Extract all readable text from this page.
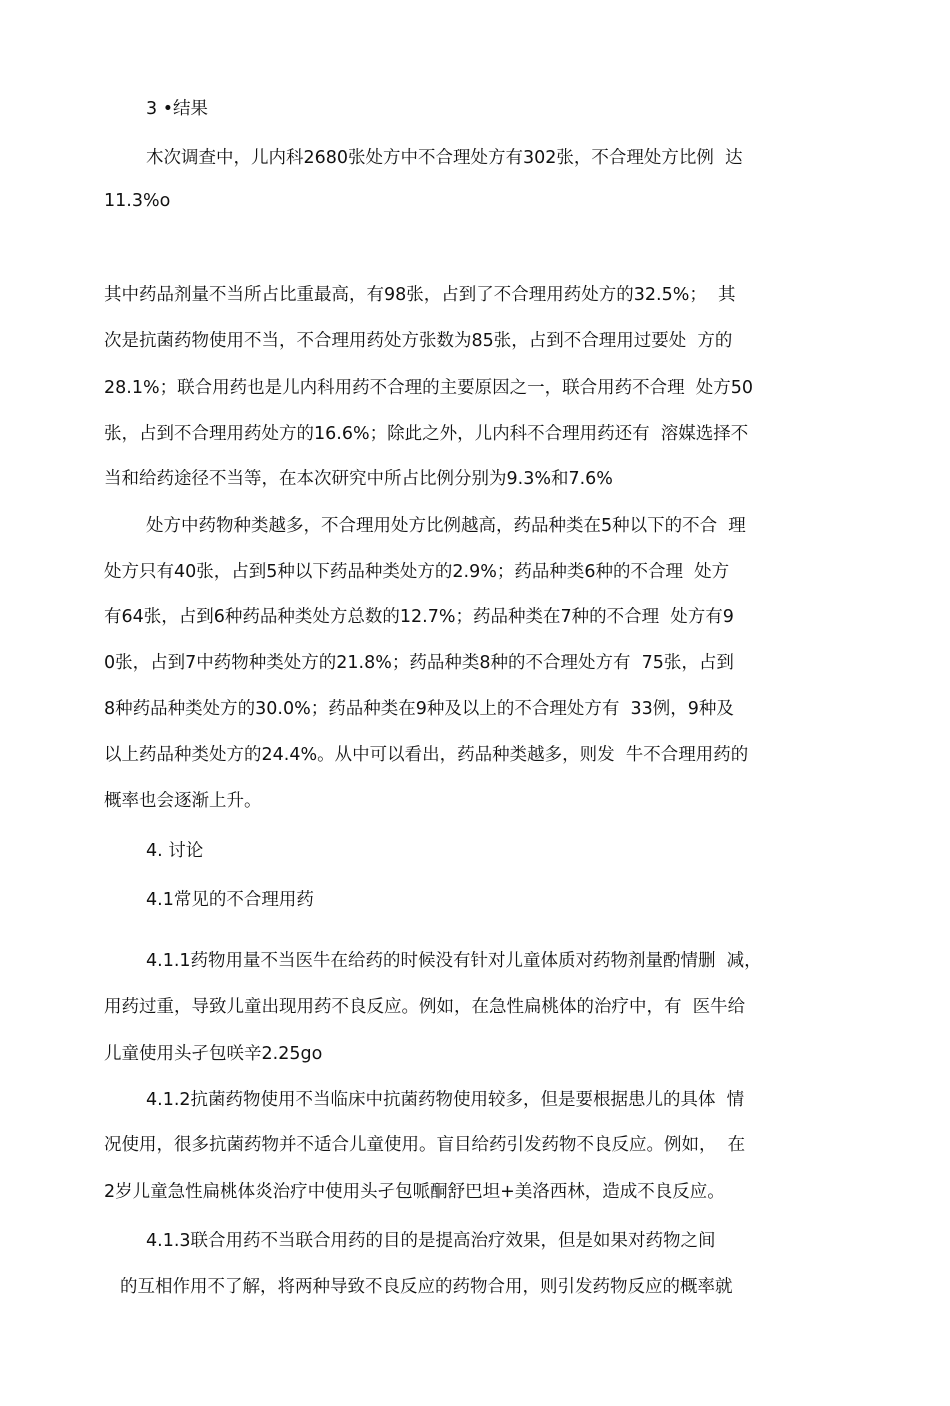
3 •结果

木次调查中，儿内科2680张处方中不合理处方有302张，不合理处方比例  达

11.3%o

其中药品剂量不当所占比重最高，有98张，占到了不合理用药处方的32.5%；  其

次是抗菌药物使用不当，不合理用药处方张数为85张，占到不合理用过要处  方的

28.1%；联合用药也是儿内科用药不合理的主要原因之一，联合用药不合理  处方50

张，占到不合理用药处方的16.6%；除此之外，儿内科不合理用药还有  溶媒选择不

当和给药途径不当等，在本次研究中所占比例分别为9.3%和7.6%

处方中药物种类越多，不合理用处方比例越高，药品种类在5种以下的不合  理

处方只有40张，占到5种以下药品种类处方的2.9%；药品种类6种的不合理  处方

有64张，占到6种药品种类处方总数的12.7%；药品种类在7种的不合理  处方有9

0张，占到7中药物种类处方的21.8%；药品种类8种的不合理处方有  75张，占到

8种药品种类处方的30.0%；药品种类在9种及以上的不合理处方有  33例，9种及

以上药品种类处方的24.4%。从中可以看出，药品种类越多，则发  牛不合理用药的

概率也会逐渐上升。

4. 讨论

4.1常见的不合理用药

4.1.1药物用量不当医牛在给药的时候没有针对儿童体质对药物剂量酌情删  减，

用药过重，导致儿童出现用药不良反应。例如，在急性扁桃体的治疗中，有  医牛给

儿童使用头孑包咲辛2.25go

4.1.2抗菌药物使用不当临床中抗菌药物使用较多，但是要根据患儿的具体  情

况使用，很多抗菌药物并不适合儿童使用。盲目给药引发药物不良反应。例如，  在

2岁儿童急性扁桃体炎治疗中使用头孑包哌酮舒巴坦+美洛西林，造成不良反应。

4.1.3联合用药不当联合用药的目的是提高治疗效果，但是如果对药物之间

的互相作用不了解，将两种导致不良反应的药物合用，则引发药物反应的概率就
